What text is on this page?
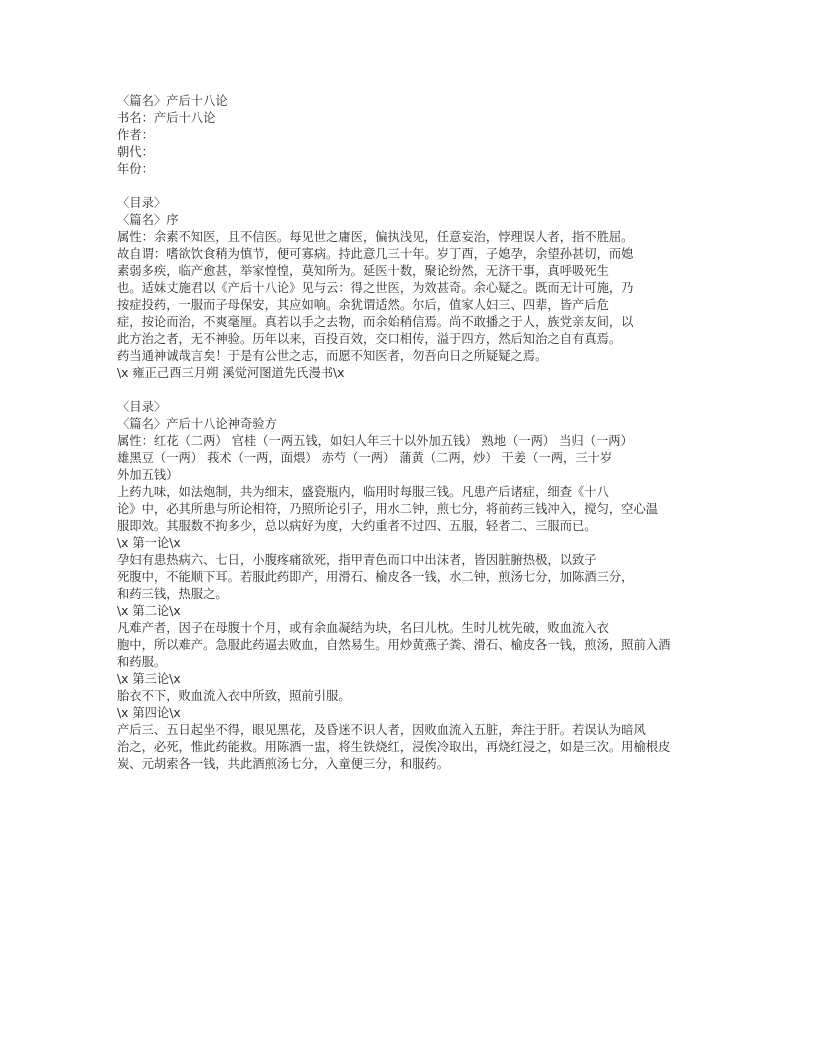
〈篇名〉产后十八论
书名：产后十八论
作者：
朝代：
年份：
〈目录〉
〈篇名〉序
属性：余素不知医，且不信医。每见世之庸医，偏执浅见，任意妄治，悖理误人者，指不胜屈。
故自谓：嗜欲饮食稍为慎节，便可寡病。持此意几三十年。岁丁酉，子媳孕，余望孙甚切，而媳
素弱多疾，临产愈甚，举家惶惶，莫知所为。延医十数，聚论纷然，无济干事，真呼吸死生
也。适妹丈施君以《产后十八论》见与云：得之世医，为效甚奇。余心疑之。既而无计可施，乃
按症投药，一服而子母保安，其应如响。余犹谓适然。尔后，值家人妇三、四辈，皆产后危
症，按论而治，不爽毫厘。真若以手之去物，而余始稍信焉。尚不敢播之于人，族党亲友间，以
此方治之者，无不神验。历年以来，百投百效，交口相传，溢于四方，然后知治之自有真焉。
药当通神诚哉言矣！于是有公世之志，而愿不知医者，勿吾向日之所疑疑之焉。
\x 雍正己酉三月朔 溪觉河图道先氏漫书\x
〈目录〉
〈篇名〉产后十八论神奇验方
属性：红花（二两） 官桂（一两五钱，如妇人年三十以外加五钱） 熟地（一两） 当归（一两）
雄黑豆（一两） 莪术（一两，面煨） 赤芍（一两） 蒲黄（二两，炒） 干姜（一两，三十岁
外加五钱）
上药九味，如法炮制，共为细末，盛瓷瓶内，临用时每服三钱。凡患产后诸症，细查《十八
论》中，必其所患与所论相符，乃照所论引子，用水二钟，煎七分，将前药三钱冲入，搅匀，空心温
服即效。其服数不拘多少，总以病好为度，大约重者不过四、五服，轻者二、三服而已。
\x 第一论\x
孕妇有患热病六、七日，小腹疼痛欲死，指甲青色而口中出沫者，皆因脏腑热极，以致子
死腹中，不能顺下耳。若服此药即产，用滑石、榆皮各一钱，水二钟，煎汤七分，加陈酒三分，
和药三钱，热服之。
\x 第二论\x
凡难产者，因子在母腹十个月，或有余血凝结为块，名曰儿枕。生时儿枕先破，败血流入衣
胞中，所以难产。急服此药逼去败血，自然易生。用炒黄燕子粪、滑石、榆皮各一钱，煎汤，照前入酒
和药服。
\x 第三论\x
胎衣不下，败血流入衣中所致，照前引服。
\x 第四论\x
产后三、五日起坐不得，眼见黑花，及昏迷不识人者，因败血流入五脏，奔注于肝。若误认为暗风
治之，必死，惟此药能救。用陈酒一盅，将生铁烧红，浸俟冷取出，再烧红浸之，如是三次。用榆根皮
炭、元胡索各一钱，共此酒煎汤七分，入童便三分，和服药。
